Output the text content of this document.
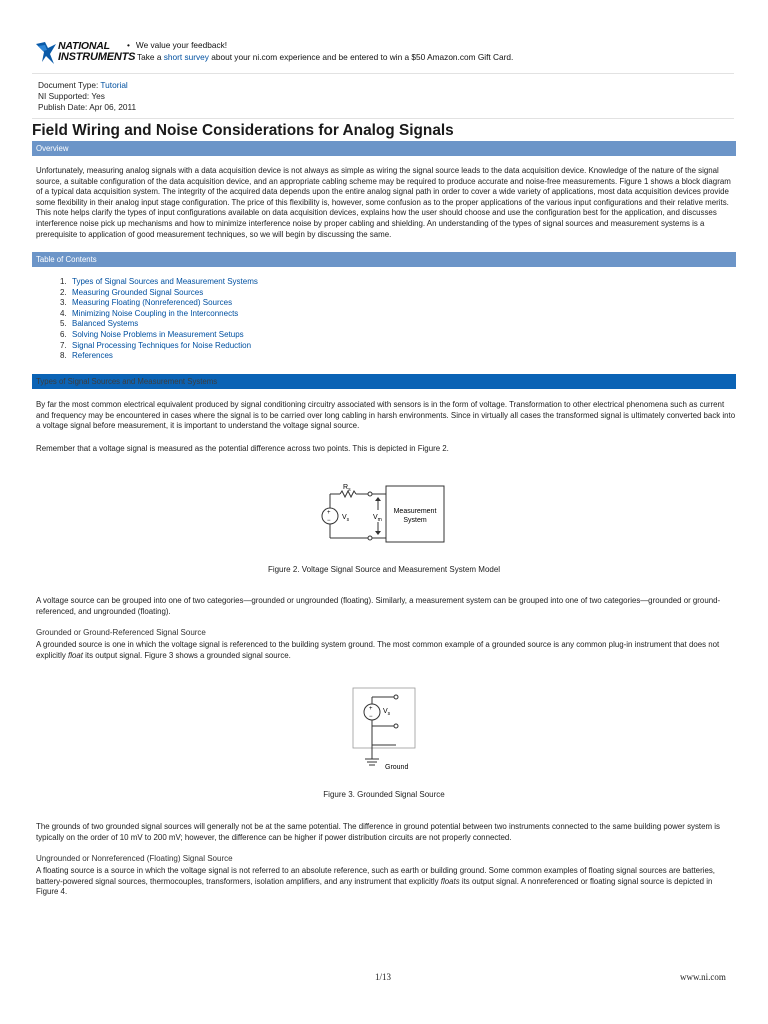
NATIONAL
INSTRUMENTS
• We value your feedback!
Take a short survey about your ni.com experience and be entered to win a $50 Amazon.com Gift Card.
Document Type: Tutorial
NI Supported: Yes
Publish Date: Apr 06, 2011
Field Wiring and Noise Considerations for Analog Signals
Overview
Unfortunately, measuring analog signals with a data acquisition device is not always as simple as wiring the signal source leads to the data acquisition device. Knowledge of the nature of the signal source, a suitable configuration of the data acquisition device, and an appropriate cabling scheme may be required to produce accurate and noise-free measurements. Figure 1 shows a block diagram of a typical data acquisition system. The integrity of the acquired data depends upon the entire analog signal path in order to cover a wide variety of applications, most data acquisition devices provide some flexibility in their analog input stage configuration. The price of this flexibility is, however, some confusion as to the proper applications of the various input configurations and their relative merits. This note helps clarify the types of input configurations available on data acquisition devices, explains how the user should choose and use the configuration best for the application, and discusses interference noise pick up mechanisms and how to minimize interference noise by proper cabling and shielding. An understanding of the types of signal sources and measurement systems is a prerequisite to application of good measurement techniques, so we will begin by discussing the same.
Table of Contents
1. Types of Signal Sources and Measurement Systems
2. Measuring Grounded Signal Sources
3. Measuring Floating (Nonreferenced) Sources
4. Minimizing Noise Coupling in the Interconnects
5. Balanced Systems
6. Solving Noise Problems in Measurement Setups
7. Signal Processing Techniques for Noise Reduction
8. References
Types of Signal Sources and Measurement Systems
By far the most common electrical equivalent produced by signal conditioning circuitry associated with sensors is in the form of voltage. Transformation to other electrical phenomena such as current and frequency may be encountered in cases where the signal is to be carried over long cabling in harsh environments. Since in virtually all cases the transformed signal is ultimately converted back into a voltage signal before measurement, it is important to understand the voltage signal source.
Remember that a voltage signal is measured as the potential difference across two points. This is depicted in Figure 2.
+
− $V_s$
$R_s$
$V_m$
Measurement
System
Figure 2. Voltage Signal Source and Measurement System Model
A voltage source can be grouped into one of two categories—grounded or ungrounded (floating). Similarly, a measurement system can be grouped into one of two categories—grounded or ground-referenced, and ungrounded (floating).
Grounded or Ground-Referenced Signal Source
A grounded source is one in which the voltage signal is referenced to the building system ground. The most common example of a grounded source is any common plug-in instrument that does not explicitly float its output signal. Figure 3 shows a grounded signal source.
+
−
$V_s$
Ground
Figure 3. Grounded Signal Source
The grounds of two grounded signal sources will generally not be at the same potential. The difference in ground potential between two instruments connected to the same building power system is typically on the order of 10 mV to 200 mV; however, the difference can be higher if power distribution circuits are not properly connected.
Ungrounded or Nonreferenced (Floating) Signal Source
A floating source is a source in which the voltage signal is not referred to an absolute reference, such as earth or building ground. Some common examples of floating signal sources are batteries, battery-powered signal sources, thermocouples, transformers, isolation amplifiers, and any instrument that explicitly floats its output signal. A nonreferenced or floating signal source is depicted in Figure 4.
1/13	www.ni.com
